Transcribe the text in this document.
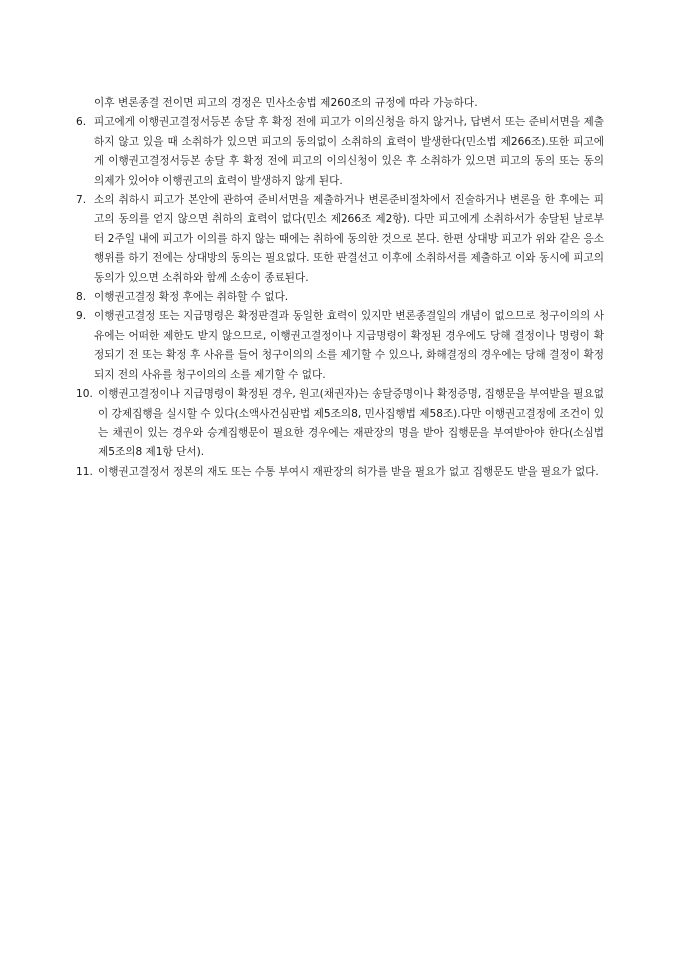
이후 변론종결 전이면 피고의 경정은 민사소송법 제260조의 규정에 따라 가능하다.
6. 피고에게 이행권고결정서등본 송달 후 확정 전에 피고가 이의신청을 하지 않거나, 답변서 또는 준비서면을 제출하지 않고 있을 때 소취하가 있으면 피고의 동의없이 소취하의 효력이 발생한다(민소법 제266조).또한 피고에게 이행권고결정서등본 송달 후 확정 전에 피고의 이의신청이 있은 후 소취하가 있으면 피고의 동의 또는 동의의제가 있어야 이행권고의 효력이 발생하지 않게 된다.
7. 소의 취하시 피고가 본안에 관하여 준비서면을 제출하거나 변론준비절차에서 진술하거나 변론을 한 후에는 피고의 동의를 얻지 않으면 취하의 효력이 없다(민소 제266조 제2항). 다만 피고에게 소취하서가 송달된 날로부터 2주일 내에 피고가 이의를 하지 않는 때에는 취하에 동의한 것으로 본다. 한편 상대방 피고가 위와 같은 응소행위를 하기 전에는 상대방의 동의는 필요없다. 또한 판결선고 이후에 소취하서를 제출하고 이와 동시에 피고의 동의가 있으면 소취하와 함께 소송이 종료된다.
8. 이행권고결정 확정 후에는 취하할 수 없다.
9. 이행권고결정 또는 지급명령은 확정판결과 동일한 효력이 있지만 변론종결일의 개념이 없으므로 청구이의의 사유에는 어떠한 제한도 받지 않으므로, 이행권고결정이나 지급명령이 확정된 경우에도 당해 결정이나 명령이 확정되기 전 또는 확정 후 사유를 들어 청구이의의 소를 제기할 수 있으나, 화해결정의 경우에는 당해 결정이 확정되지 전의 사유를 청구이의의 소를 제기할 수 없다.
10. 이행권고결정이나 지급명령이 확정된 경우, 원고(채권자)는 송달증명이나 확정증명, 집행문을 부여받을 필요없이 강제집행을 실시할 수 있다(소액사건심판법 제5조의8, 민사집행법 제58조).다만 이행권고결정에 조건이 있는 채권이 있는 경우와 승계집행문이 필요한 경우에는 재판장의 명을 받아 집행문을 부여받아야 한다(소심법 제5조의8 제1항 단서).
11. 이행권고결정서 정본의 재도 또는 수통 부여시 재판장의 허가를 받을 필요가 없고 집행문도 받을 필요가 없다.
